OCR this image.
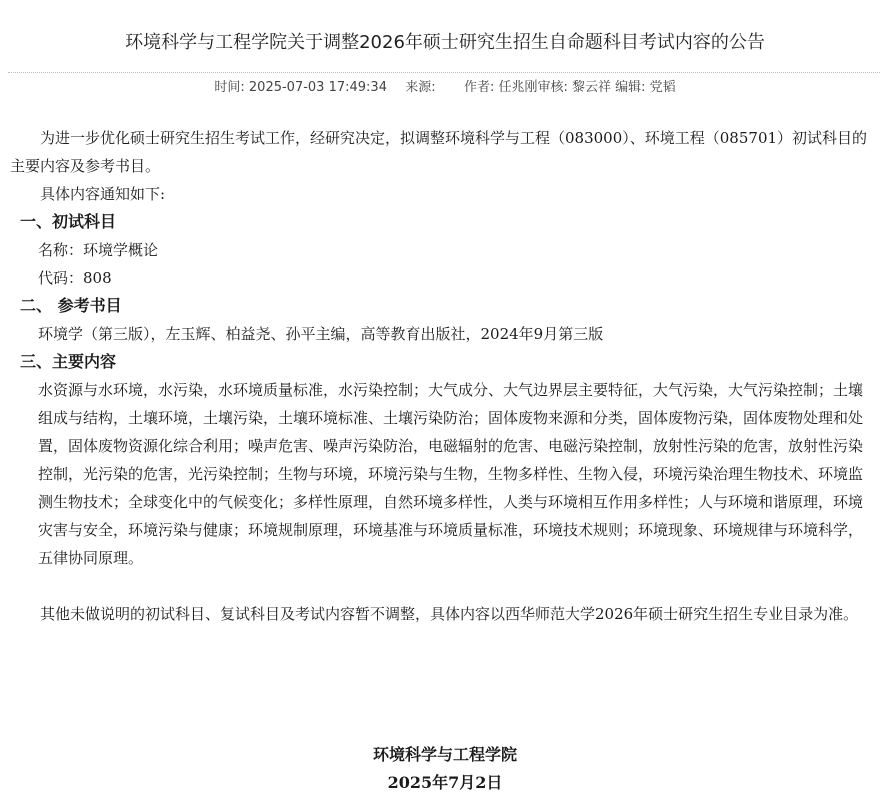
环境科学与工程学院关于调整2026年硕士研究生招生自命题科目考试内容的公告
时间: 2025-07-03 17:49:34 来源: 作者: 任兆刚审核: 黎云祥 编辑: 党韬

为进一步优化硕士研究生招生考试工作，经研究决定，拟调整环境科学与工程（083000）、环境工程（085701）初试科目的主要内容及参考书目。

具体内容通知如下:

一、初试科目

名称：环境学概论

代码：808

二、 参考书目

环境学（第三版），左玉辉、柏益尧、孙平主编，高等教育出版社，2024年9月第三版

三、主要内容

水资源与水环境，水污染，水环境质量标准，水污染控制；大气成分、大气边界层主要特征，大气污染，大气污染控制；土壤组成与结构，土壤环境，土壤污染，土壤环境标准、土壤污染防治；固体废物来源和分类，固体废物污染，固体废物处理和处置，固体废物资源化综合利用；噪声危害、噪声污染防治，电磁辐射的危害、电磁污染控制，放射性污染的危害，放射性污染控制，光污染的危害，光污染控制；生物与环境，环境污染与生物，生物多样性、生物入侵，环境污染治理生物技术、环境监测生物技术；全球变化中的气候变化；多样性原理，自然环境多样性，人类与环境相互作用多样性；人与环境和谐原理，环境灾害与安全，环境污染与健康；环境规制原理，环境基准与环境质量标准，环境技术规则；环境现象、环境规律与环境科学，五律协同原理。

其他未做说明的初试科目、复试科目及考试内容暂不调整，具体内容以西华师范大学2026年硕士研究生招生专业目录为准。

环境科学与工程学院
2025年7月2日
